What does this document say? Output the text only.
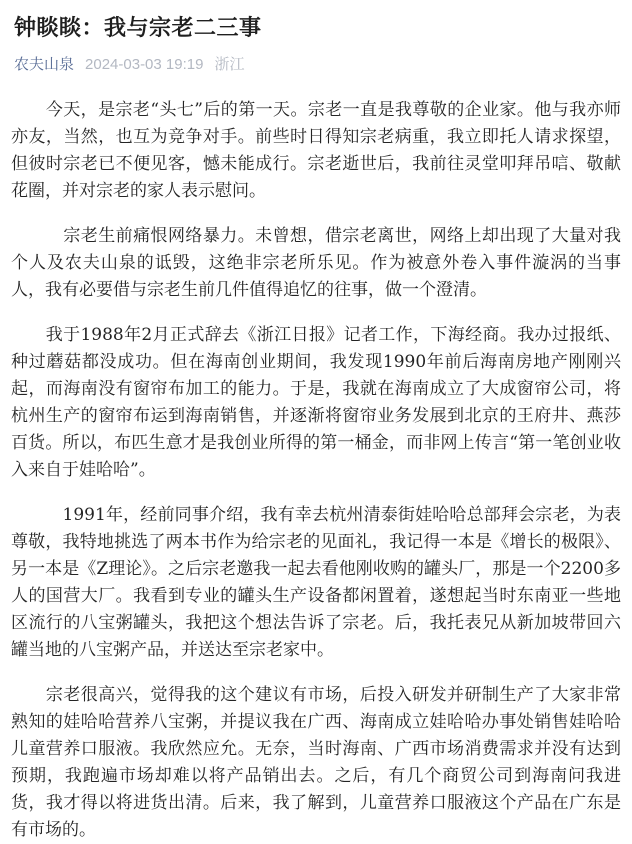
钟睒睒：我与宗老二三事
农夫山泉 2024-03-03 19:19 浙江

　　今天，是宗老“头七”后的第一天。宗老一直是我尊敬的企业家。他与我亦师亦友，当然，也互为竞争对手。前些时日得知宗老病重，我立即托人请求探望，但彼时宗老已不便见客，憾未能成行。宗老逝世后，我前往灵堂叩拜吊唁、敬献花圈，并对宗老的家人表示慰问。

　　　宗老生前痛恨网络暴力。未曾想，借宗老离世，网络上却出现了大量对我个人及农夫山泉的诋毁，这绝非宗老所乐见。作为被意外卷入事件漩涡的当事人，我有必要借与宗老生前几件值得追忆的往事，做一个澄清。

　　我于1988年2月正式辞去《浙江日报》记者工作，下海经商。我办过报纸、种过蘑菇都没成功。但在海南创业期间，我发现1990年前后海南房地产刚刚兴起，而海南没有窗帘布加工的能力。于是，我就在海南成立了大成窗帘公司，将杭州生产的窗帘布运到海南销售，并逐渐将窗帘业务发展到北京的王府井、燕莎百货。所以，布匹生意才是我创业所得的第一桶金，而非网上传言“第一笔创业收入来自于娃哈哈”。

　　　1991年，经前同事介绍，我有幸去杭州清泰街娃哈哈总部拜会宗老，为表尊敬，我特地挑选了两本书作为给宗老的见面礼，我记得一本是《增长的极限》、另一本是《Z理论》。之后宗老邀我一起去看他刚收购的罐头厂，那是一个2200多人的国营大厂。我看到专业的罐头生产设备都闲置着，遂想起当时东南亚一些地区流行的八宝粥罐头，我把这个想法告诉了宗老。后，我托表兄从新加坡带回六罐当地的八宝粥产品，并送达至宗老家中。

　　宗老很高兴，觉得我的这个建议有市场，后投入研发并研制生产了大家非常熟知的娃哈哈营养八宝粥，并提议我在广西、海南成立娃哈哈办事处销售娃哈哈儿童营养口服液。我欣然应允。无奈，当时海南、广西市场消费需求并没有达到预期，我跑遍市场却难以将产品销出去。之后，有几个商贸公司到海南问我进货，我才得以将进货出清。后来，我了解到，儿童营养口服液这个产品在广东是有市场的。
